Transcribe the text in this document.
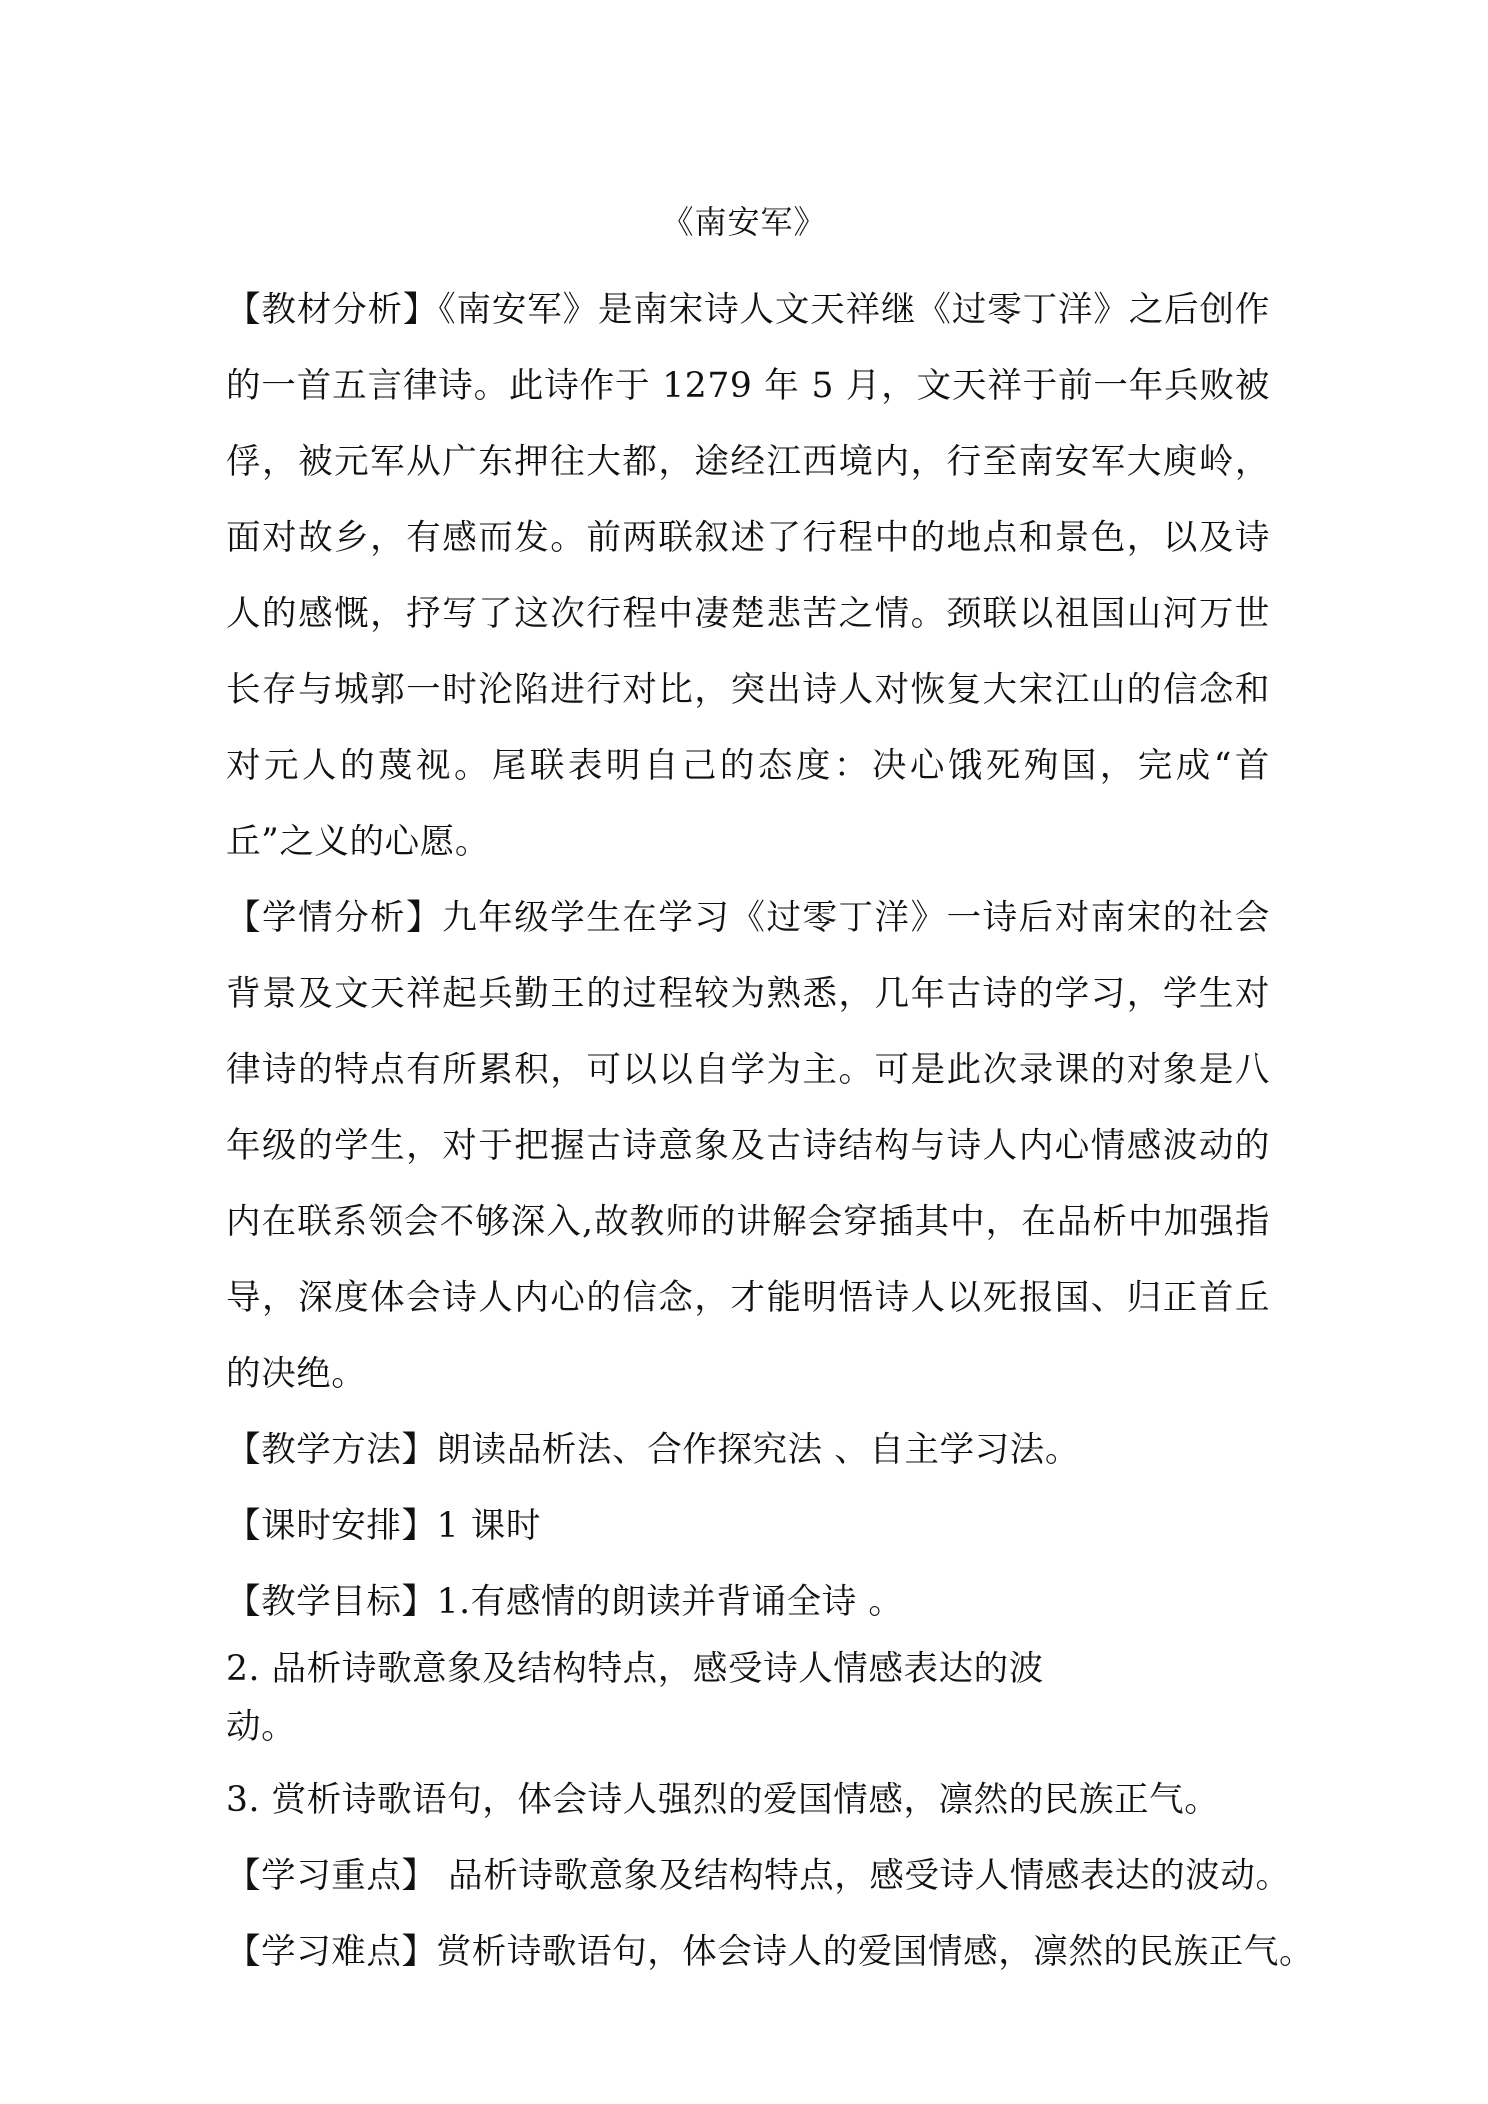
《南安军》

【教材分析】《南安军》是南宋诗人文天祥继《过零丁洋》之后创作的一首五言律诗。此诗作于 1279 年 5 月，文天祥于前一年兵败被俘，被元军从广东押往大都，途经江西境内，行至南安军大庾岭，面对故乡，有感而发。前两联叙述了行程中的地点和景色，以及诗人的感慨，抒写了这次行程中凄楚悲苦之情。颈联以祖国山河万世长存与城郭一时沦陷进行对比，突出诗人对恢复大宋江山的信念和对元人的蔑视。尾联表明自己的态度：决心饿死殉国，完成“首丘”之义的心愿。

【学情分析】九年级学生在学习《过零丁洋》一诗后对南宋的社会背景及文天祥起兵勤王的过程较为熟悉，几年古诗的学习，学生对律诗的特点有所累积，可以以自学为主。可是此次录课的对象是八年级的学生，对于把握古诗意象及古诗结构与诗人内心情感波动的内在联系领会不够深入,故教师的讲解会穿插其中，在品析中加强指导，深度体会诗人内心的信念，才能明悟诗人以死报国、归正首丘的决绝。

【教学方法】朗读品析法、合作探究法 、自主学习法。

【课时安排】1 课时

【教学目标】1.有感情的朗读并背诵全诗 。

2. 品析诗歌意象及结构特点，感受诗人情感表达的波

动。

3. 赏析诗歌语句，体会诗人强烈的爱国情感，凛然的民族正气。

【学习重点】 品析诗歌意象及结构特点，感受诗人情感表达的波动。

【学习难点】赏析诗歌语句，体会诗人的爱国情感，凛然的民族正气。
